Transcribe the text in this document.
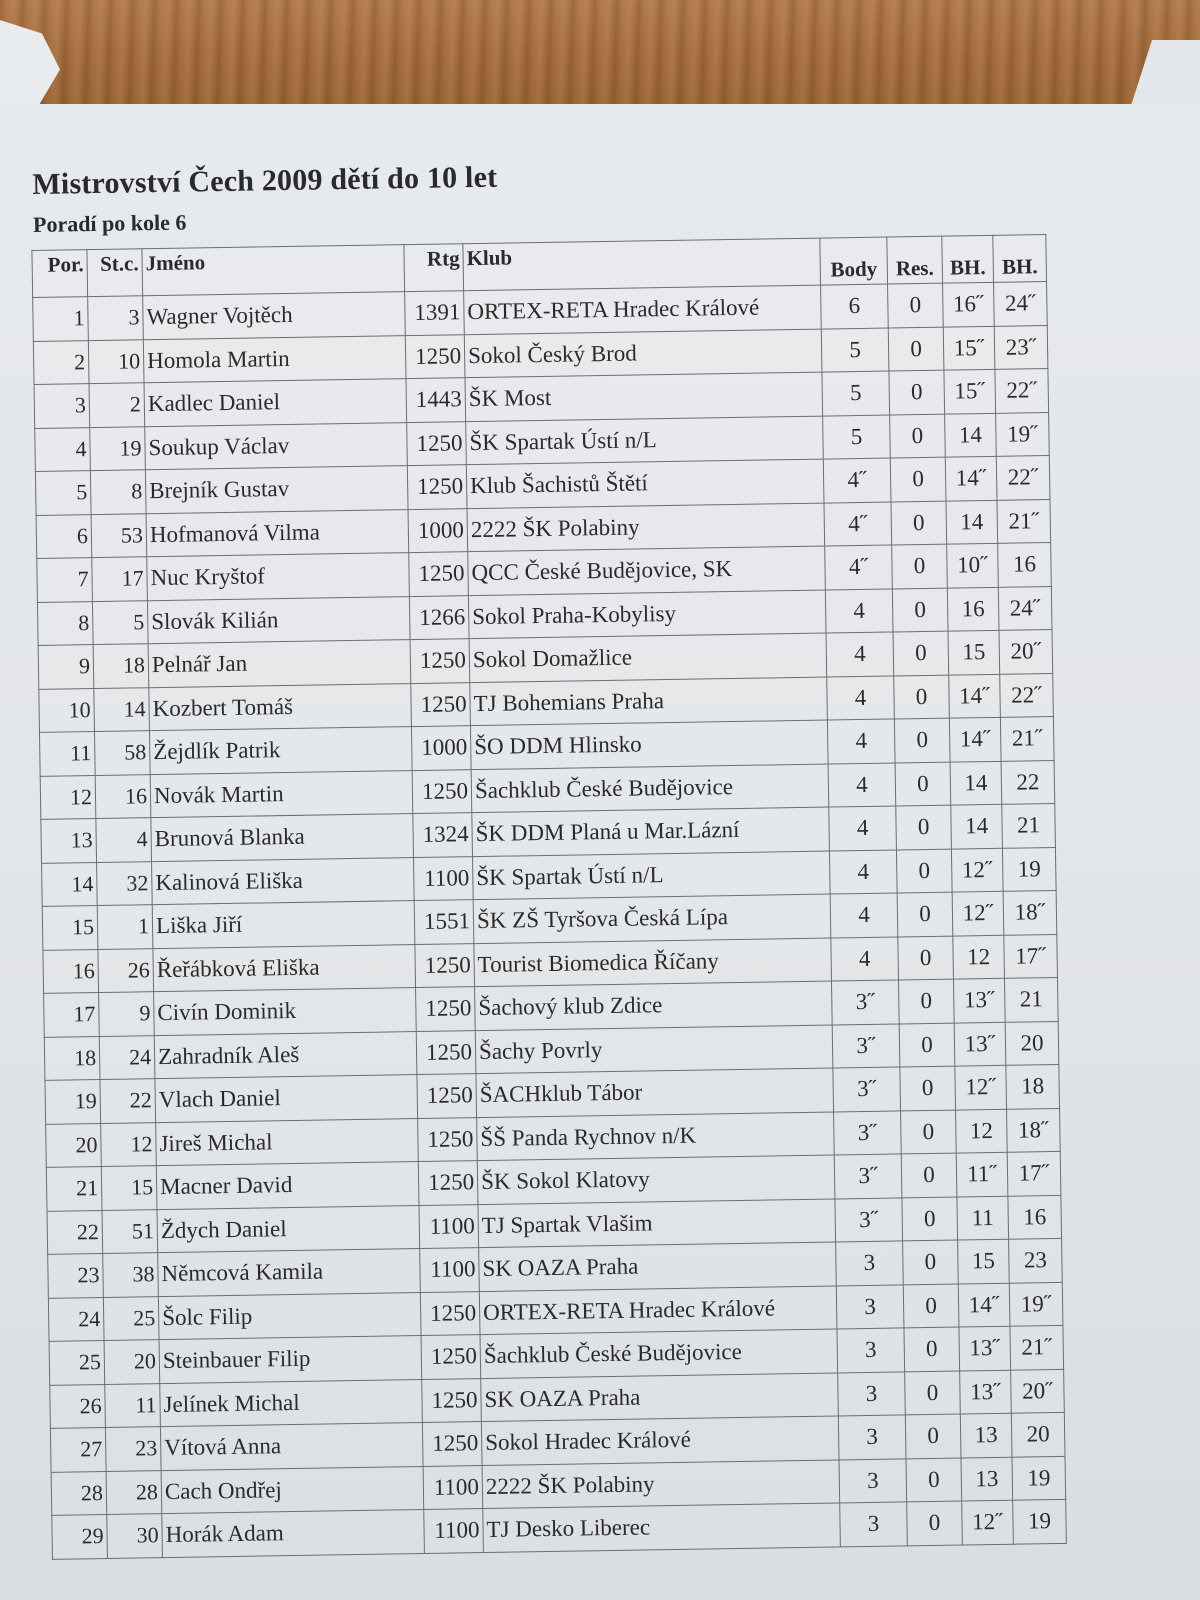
Mistrovství Čech 2009 dětí do 10 let
Poradí po kole 6
Por.	St.c.	Jméno	Rtg	Klub	Body	Res.	BH.	BH.
1	3	Wagner Vojtěch	1391	ORTEX-RETA Hradec Králové	6	0	16˝	24˝
2	10	Homola Martin	1250	Sokol Český Brod	5	0	15˝	23˝
3	2	Kadlec Daniel	1443	ŠK Most	5	0	15˝	22˝
4	19	Soukup Václav	1250	ŠK Spartak Ústí n/L	5	0	14	19˝
5	8	Brejník Gustav	1250	Klub Šachistů Štětí	4˝	0	14˝	22˝
6	53	Hofmanová Vilma	1000	2222 ŠK Polabiny	4˝	0	14	21˝
7	17	Nuc Kryštof	1250	QCC České Budějovice, SK	4˝	0	10˝	16
8	5	Slovák Kilián	1266	Sokol Praha-Kobylisy	4	0	16	24˝
9	18	Pelnář Jan	1250	Sokol Domažlice	4	0	15	20˝
10	14	Kozbert Tomáš	1250	TJ Bohemians Praha	4	0	14˝	22˝
11	58	Žejdlík Patrik	1000	ŠO DDM Hlinsko	4	0	14˝	21˝
12	16	Novák Martin	1250	Šachklub České Budějovice	4	0	14	22
13	4	Brunová Blanka	1324	ŠK DDM Planá u Mar.Lázní	4	0	14	21
14	32	Kalinová Eliška	1100	ŠK Spartak Ústí n/L	4	0	12˝	19
15	1	Liška Jiří	1551	ŠK ZŠ Tyršova Česká Lípa	4	0	12˝	18˝
16	26	Řeřábková Eliška	1250	Tourist Biomedica Říčany	4	0	12	17˝
17	9	Civín Dominik	1250	Šachový klub Zdice	3˝	0	13˝	21
18	24	Zahradník Aleš	1250	Šachy Povrly	3˝	0	13˝	20
19	22	Vlach Daniel	1250	ŠACHklub Tábor	3˝	0	12˝	18
20	12	Jireš Michal	1250	ŠŠ Panda Rychnov n/K	3˝	0	12	18˝
21	15	Macner David	1250	ŠK Sokol Klatovy	3˝	0	11˝	17˝
22	51	Ždych Daniel	1100	TJ Spartak Vlašim	3˝	0	11	16
23	38	Němcová Kamila	1100	SK OAZA Praha	3	0	15	23
24	25	Šolc Filip	1250	ORTEX-RETA Hradec Králové	3	0	14˝	19˝
25	20	Steinbauer Filip	1250	Šachklub České Budějovice	3	0	13˝	21˝
26	11	Jelínek Michal	1250	SK OAZA Praha	3	0	13˝	20˝
27	23	Vítová Anna	1250	Sokol Hradec Králové	3	0	13	20
28	28	Cach Ondřej	1100	2222 ŠK Polabiny	3	0	13	19
29	30	Horák Adam	1100	TJ Desko Liberec	3	0	12˝	19
